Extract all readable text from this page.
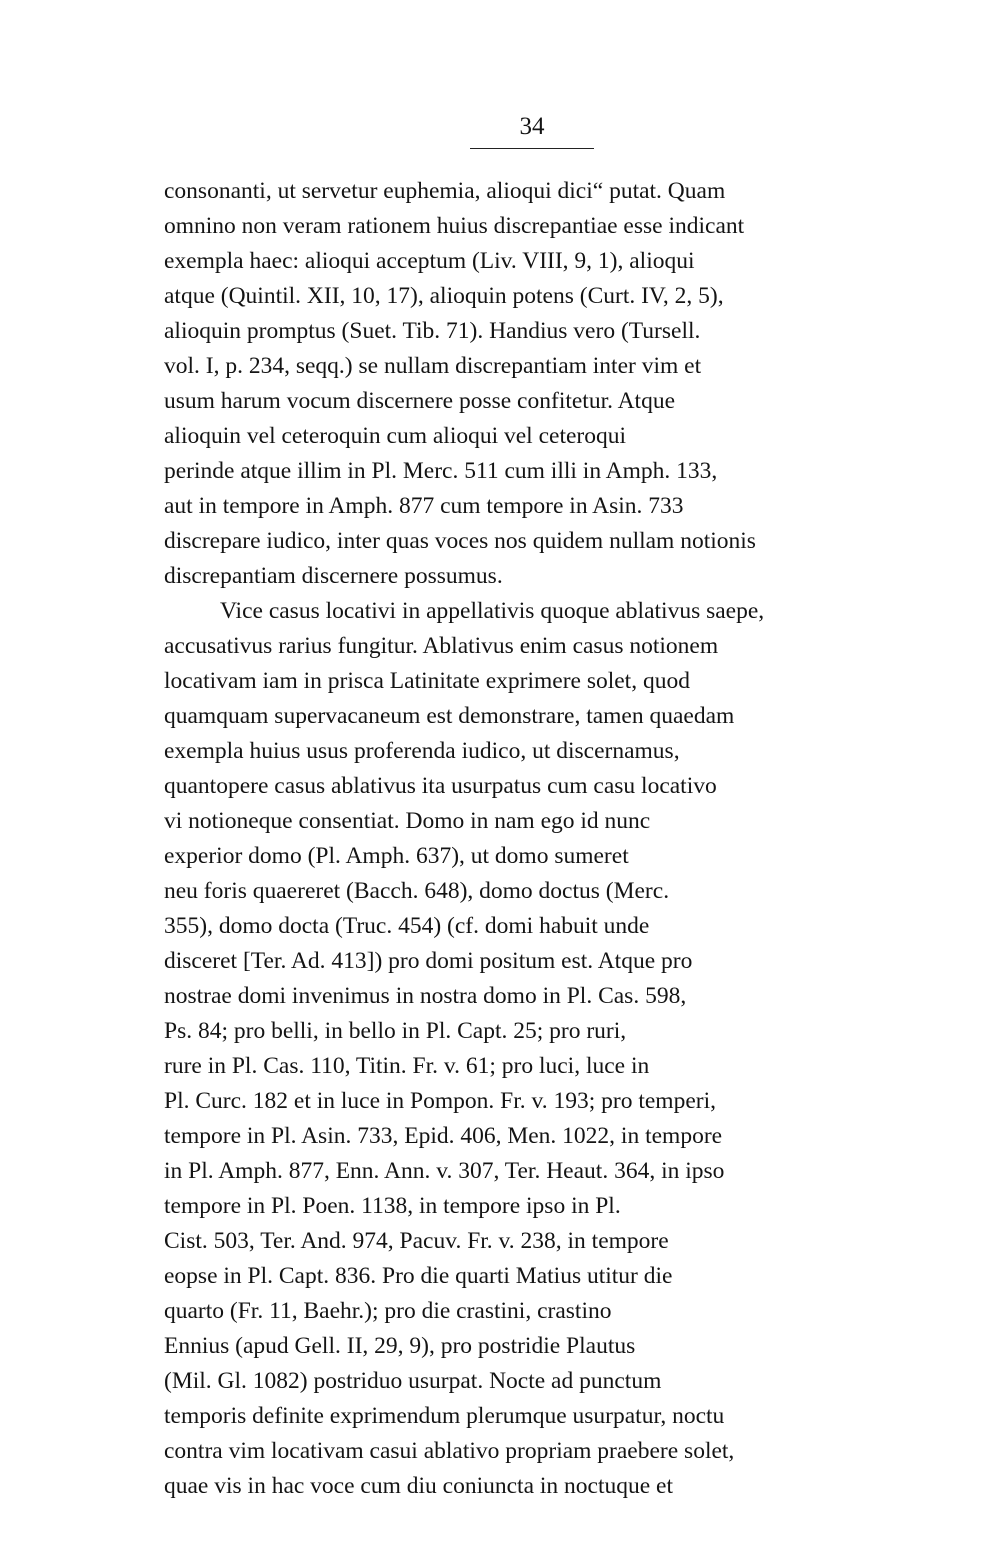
34
consonanti, ut servetur euphemia, alioqui dici“ putat. Quam
omnino non veram rationem huius discrepantiae esse indicant
exempla haec: alioqui acceptum (Liv. VIII, 9, 1), alioqui
atque (Quintil. XII, 10, 17), alioquin potens (Curt. IV, 2, 5),
alioquin promptus (Suet. Tib. 71). Handius vero (Tursell.
vol. I, p. 234, seqq.) se nullam discrepantiam inter vim et
usum harum vocum discernere posse confitetur. Atque
alioquin vel ceteroquin cum alioqui vel ceteroqui
perinde atque illim in Pl. Merc. 511 cum illi in Amph. 133,
aut in tempore in Amph. 877 cum tempore in Asin. 733
discrepare iudico, inter quas voces nos quidem nullam notionis
discrepantiam discernere possumus.
Vice casus locativi in appellativis quoque ablativus saepe,
accusativus rarius fungitur. Ablativus enim casus notionem
locativam iam in prisca Latinitate exprimere solet, quod
quamquam supervacaneum est demonstrare, tamen quaedam
exempla huius usus proferenda iudico, ut discernamus,
quantopere casus ablativus ita usurpatus cum casu locativo
vi notioneque consentiat. Domo in nam ego id nunc
experior domo (Pl. Amph. 637), ut domo sumeret
neu foris quaereret (Bacch. 648), domo doctus (Merc.
355), domo docta (Truc. 454) (cf. domi habuit unde
disceret [Ter. Ad. 413]) pro domi positum est. Atque pro
nostrae domi invenimus in nostra domo in Pl. Cas. 598,
Ps. 84; pro belli, in bello in Pl. Capt. 25; pro ruri,
rure in Pl. Cas. 110, Titin. Fr. v. 61; pro luci, luce in
Pl. Curc. 182 et in luce in Pompon. Fr. v. 193; pro temperi,
tempore in Pl. Asin. 733, Epid. 406, Men. 1022, in tempore
in Pl. Amph. 877, Enn. Ann. v. 307, Ter. Heaut. 364, in ipso
tempore in Pl. Poen. 1138, in tempore ipso in Pl.
Cist. 503, Ter. And. 974, Pacuv. Fr. v. 238, in tempore
eopse in Pl. Capt. 836. Pro die quarti Matius utitur die
quarto (Fr. 11, Baehr.); pro die crastini, crastino
Ennius (apud Gell. II, 29, 9), pro postridie Plautus
(Mil. Gl. 1082) postriduo usurpat. Nocte ad punctum
temporis definite exprimendum plerumque usurpatur, noctu
contra vim locativam casui ablativo propriam praebere solet,
quae vis in hac voce cum diu coniuncta in noctuque et
